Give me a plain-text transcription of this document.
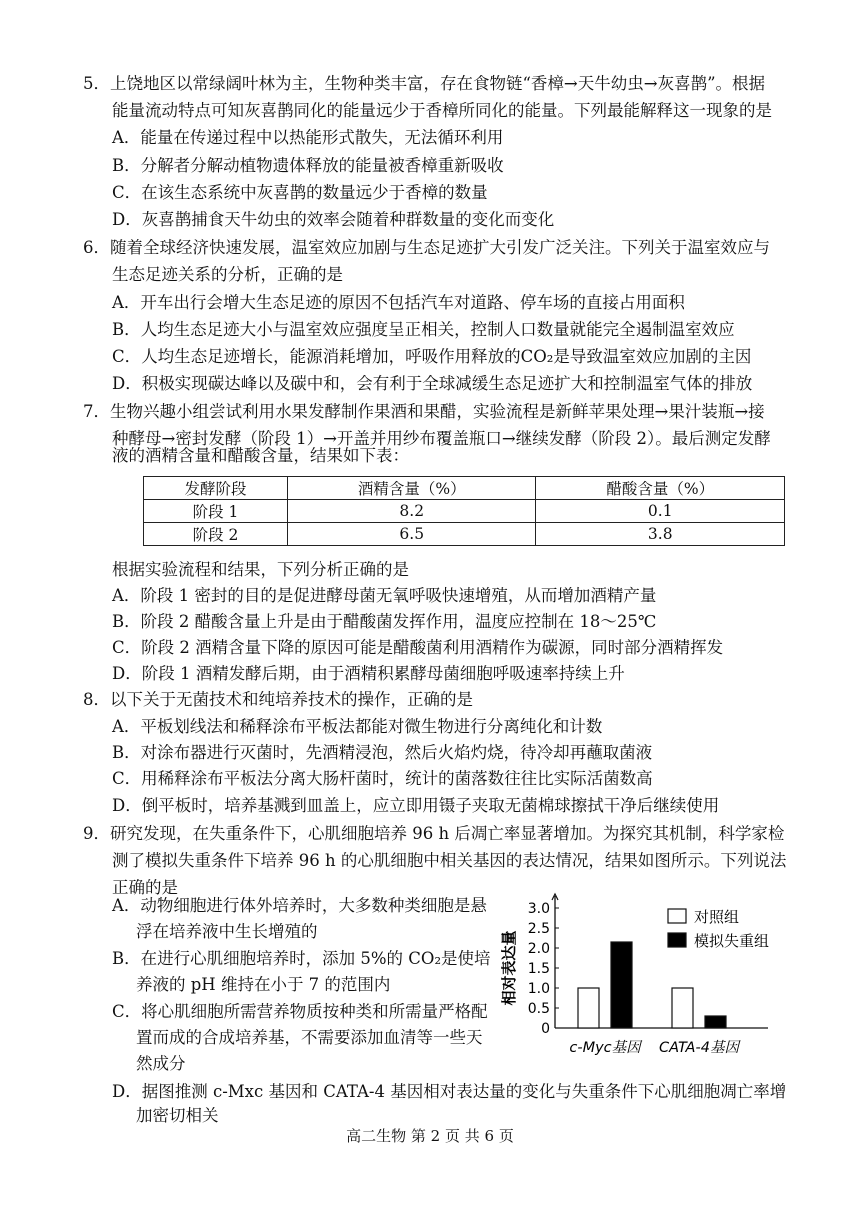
5．上饶地区以常绿阔叶林为主，生物种类丰富，存在食物链“香樟→天牛幼虫→灰喜鹊”。根据
能量流动特点可知灰喜鹊同化的能量远少于香樟所同化的能量。下列最能解释这一现象的是
A．能量在传递过程中以热能形式散失，无法循环利用
B．分解者分解动植物遗体释放的能量被香樟重新吸收
C．在该生态系统中灰喜鹊的数量远少于香樟的数量
D．灰喜鹊捕食天牛幼虫的效率会随着种群数量的变化而变化
6．随着全球经济快速发展，温室效应加剧与生态足迹扩大引发广泛关注。下列关于温室效应与
生态足迹关系的分析，正确的是
A．开车出行会增大生态足迹的原因不包括汽车对道路、停车场的直接占用面积
B．人均生态足迹大小与温室效应强度呈正相关，控制人口数量就能完全遏制温室效应
C．人均生态足迹增长，能源消耗增加，呼吸作用释放的CO₂是导致温室效应加剧的主因
D．积极实现碳达峰以及碳中和，会有利于全球减缓生态足迹扩大和控制温室气体的排放
7．生物兴趣小组尝试利用水果发酵制作果酒和果醋，实验流程是新鲜苹果处理→果汁装瓶→接
种酵母→密封发酵（阶段 1）→开盖并用纱布覆盖瓶口→继续发酵（阶段 2）。最后测定发酵
液的酒精含量和醋酸含量，结果如下表：
发酵阶段	酒精含量（%）	醋酸含量（%）
阶段 1	8.2	0.1
阶段 2	6.5	3.8
根据实验流程和结果，下列分析正确的是
A．阶段 1 密封的目的是促进酵母菌无氧呼吸快速增殖，从而增加酒精产量
B．阶段 2 醋酸含量上升是由于醋酸菌发挥作用，温度应控制在 18～25℃
C．阶段 2 酒精含量下降的原因可能是醋酸菌利用酒精作为碳源，同时部分酒精挥发
D．阶段 1 酒精发酵后期，由于酒精积累酵母菌细胞呼吸速率持续上升
8．以下关于无菌技术和纯培养技术的操作，正确的是
A．平板划线法和稀释涂布平板法都能对微生物进行分离纯化和计数
B．对涂布器进行灭菌时，先酒精浸泡，然后火焰灼烧，待冷却再蘸取菌液
C．用稀释涂布平板法分离大肠杆菌时，统计的菌落数往往比实际活菌数高
D．倒平板时，培养基溅到皿盖上，应立即用镊子夹取无菌棉球擦拭干净后继续使用
9．研究发现，在失重条件下，心肌细胞培养 96 h 后凋亡率显著增加。为探究其机制，科学家检
测了模拟失重条件下培养 96 h 的心肌细胞中相关基因的表达情况，结果如图所示。下列说法
正确的是
A．动物细胞进行体外培养时，大多数种类细胞是悬
浮在培养液中生长增殖的
B．在进行心肌细胞培养时，添加 5%的 CO₂是使培
养液的 pH 维持在小于 7 的范围内
C．将心肌细胞所需营养物质按种类和所需量严格配
置而成的合成培养基，不需要添加血清等一些天
然成分
D．据图推测 c-Mxc 基因和 CATA-4 基因相对表达量的变化与失重条件下心肌细胞凋亡率增
加密切相关
3.0
2.5
2.0
1.5
1.0
0.5
0
相对表达量
c-Myc基因 CATA-4基因
对照组
模拟失重组
高二生物 第 2 页 共 6 页
